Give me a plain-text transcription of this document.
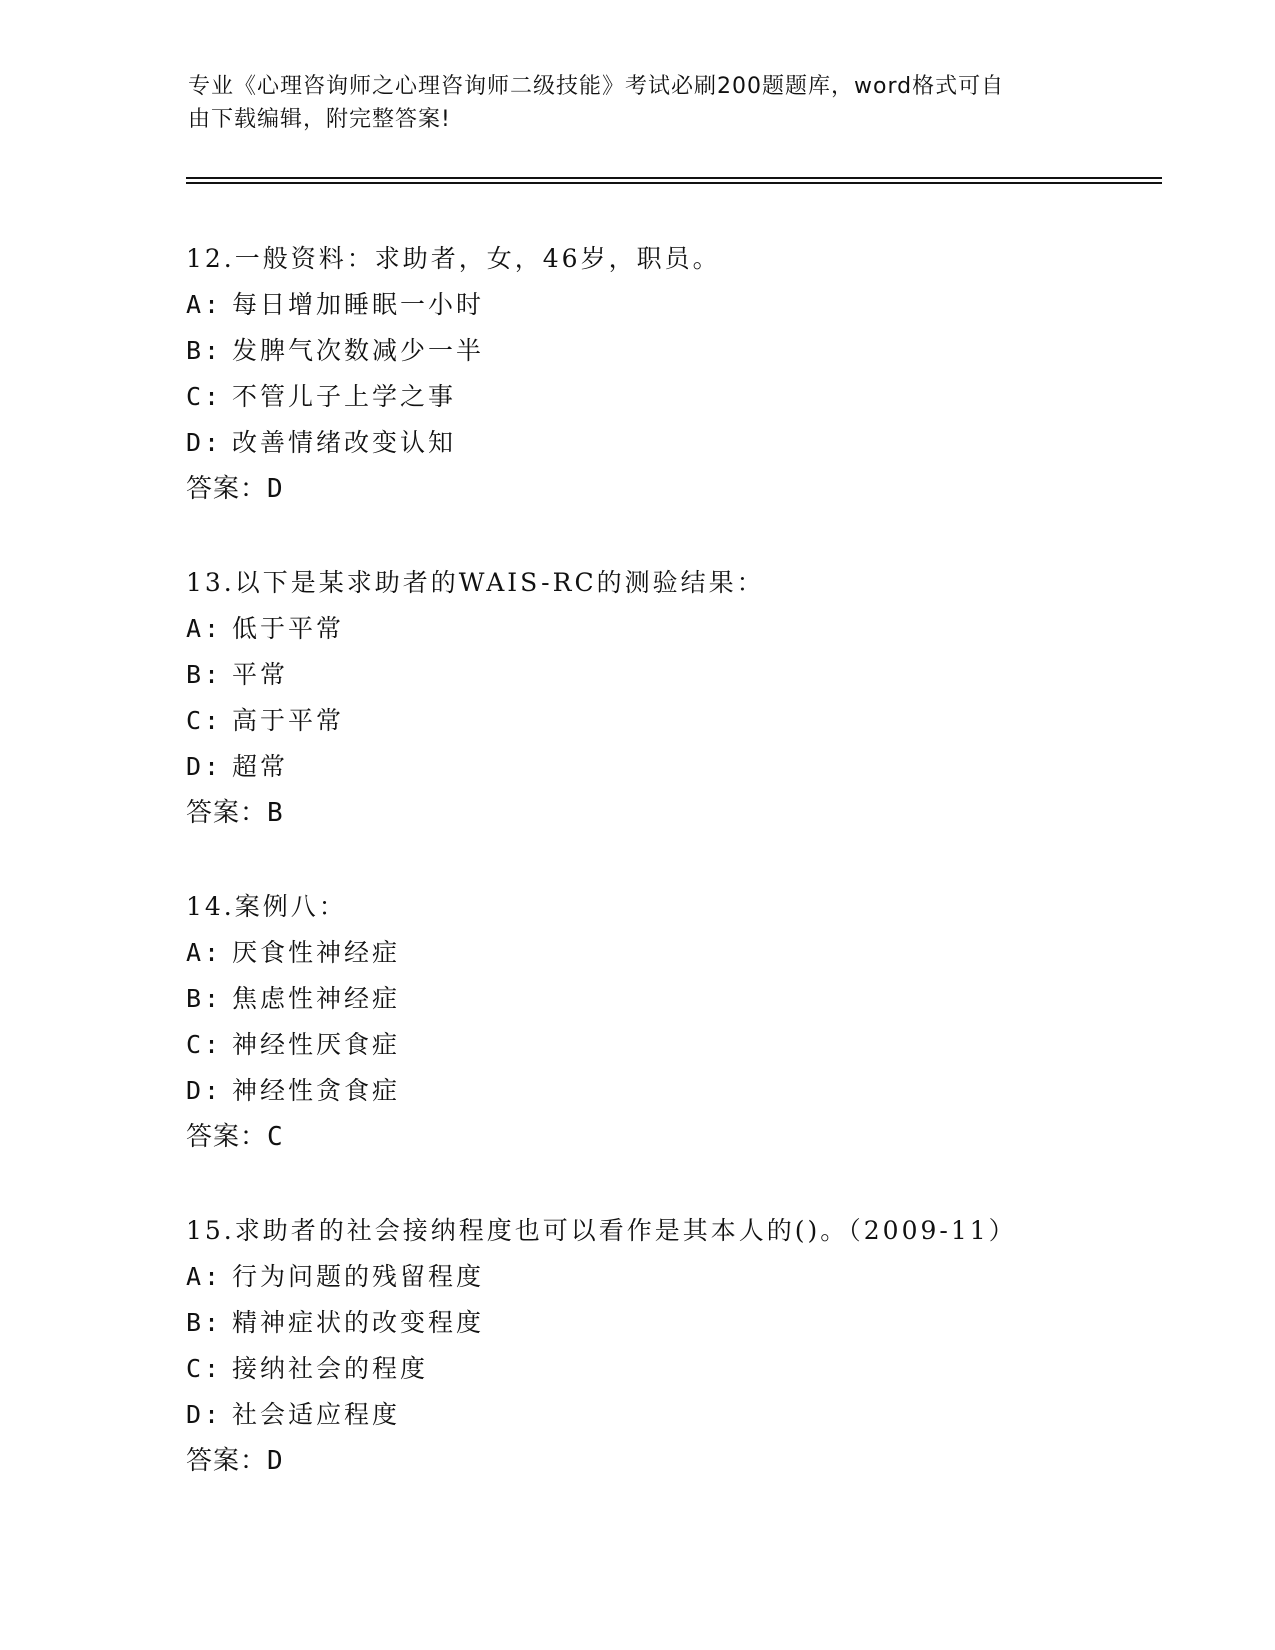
专业《心理咨询师之心理咨询师二级技能》考试必刷200题题库，word格式可自
由下载编辑，附完整答案!
12.一般资料：求助者，女，46岁，职员。
A: 每日增加睡眠一小时
B: 发脾气次数减少一半
C: 不管儿子上学之事
D: 改善情绪改变认知
答案：D
13.以下是某求助者的WAIS-RC的测验结果：
A: 低于平常
B: 平常
C: 高于平常
D: 超常
答案：B
14.案例八：
A: 厌食性神经症
B: 焦虑性神经症
C: 神经性厌食症
D: 神经性贪食症
答案：C
15.求助者的社会接纳程度也可以看作是其本人的()。（2009-11）
A: 行为问题的残留程度
B: 精神症状的改变程度
C: 接纳社会的程度
D: 社会适应程度
答案：D
